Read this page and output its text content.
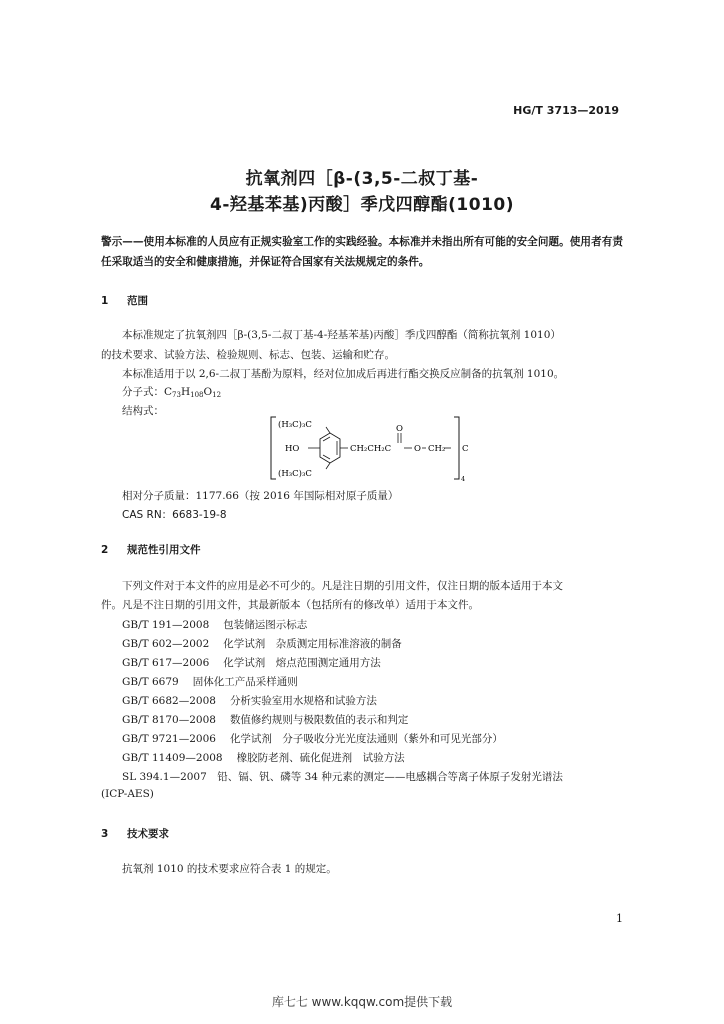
HG/T 3713—2019
抗氧剂四［β-(3,5-二叔丁基-
4-羟基苯基)丙酸］季戊四醇酯(1010)
警示——使用本标准的人员应有正规实验室工作的实践经验。本标准并未指出所有可能的安全问题。使用者有责任采取适当的安全和健康措施，并保证符合国家有关法规规定的条件。
1 范围
本标准规定了抗氧剂四［β-(3,5-二叔丁基-4-羟基苯基)丙酸］季戊四醇酯（简称抗氧剂 1010）
的技术要求、试验方法、检验规则、标志、包装、运输和贮存。
本标准适用于以 2,6-二叔丁基酚为原料，经对位加成后再进行酯交换反应制备的抗氧剂 1010。
分子式：$C_{73}H_{108}O_{12}$
结构式：
(H₃C)₃C
HO
(H₃C)₃C
CH₂CH₂C
O
O CH₂ C
4
相对分子质量：1177.66（按 2016 年国际相对原子质量）
CAS RN：6683-19-8
2 规范性引用文件
下列文件对于本文件的应用是必不可少的。凡是注日期的引用文件，仅注日期的版本适用于本文
件。凡是不注日期的引用文件，其最新版本（包括所有的修改单）适用于本文件。
GB/T 191—2008 包装储运图示标志
GB/T 602—2002 化学试剂　杂质测定用标准溶液的制备
GB/T 617—2006 化学试剂　熔点范围测定通用方法
GB/T 6679 固体化工产品采样通则
GB/T 6682—2008 分析实验室用水规格和试验方法
GB/T 8170—2008 数值修约规则与极限数值的表示和判定
GB/T 9721—2006 化学试剂　分子吸收分光光度法通则（紫外和可见光部分）
GB/T 11409—2008 橡胶防老剂、硫化促进剂　试验方法
SL 394.1—2007　铅、镉、钒、磷等 34 种元素的测定——电感耦合等离子体原子发射光谱法
(ICP-AES)
3 技术要求
抗氧剂 1010 的技术要求应符合表 1 的规定。
1
库七七 www.kqqw.com提供下载
